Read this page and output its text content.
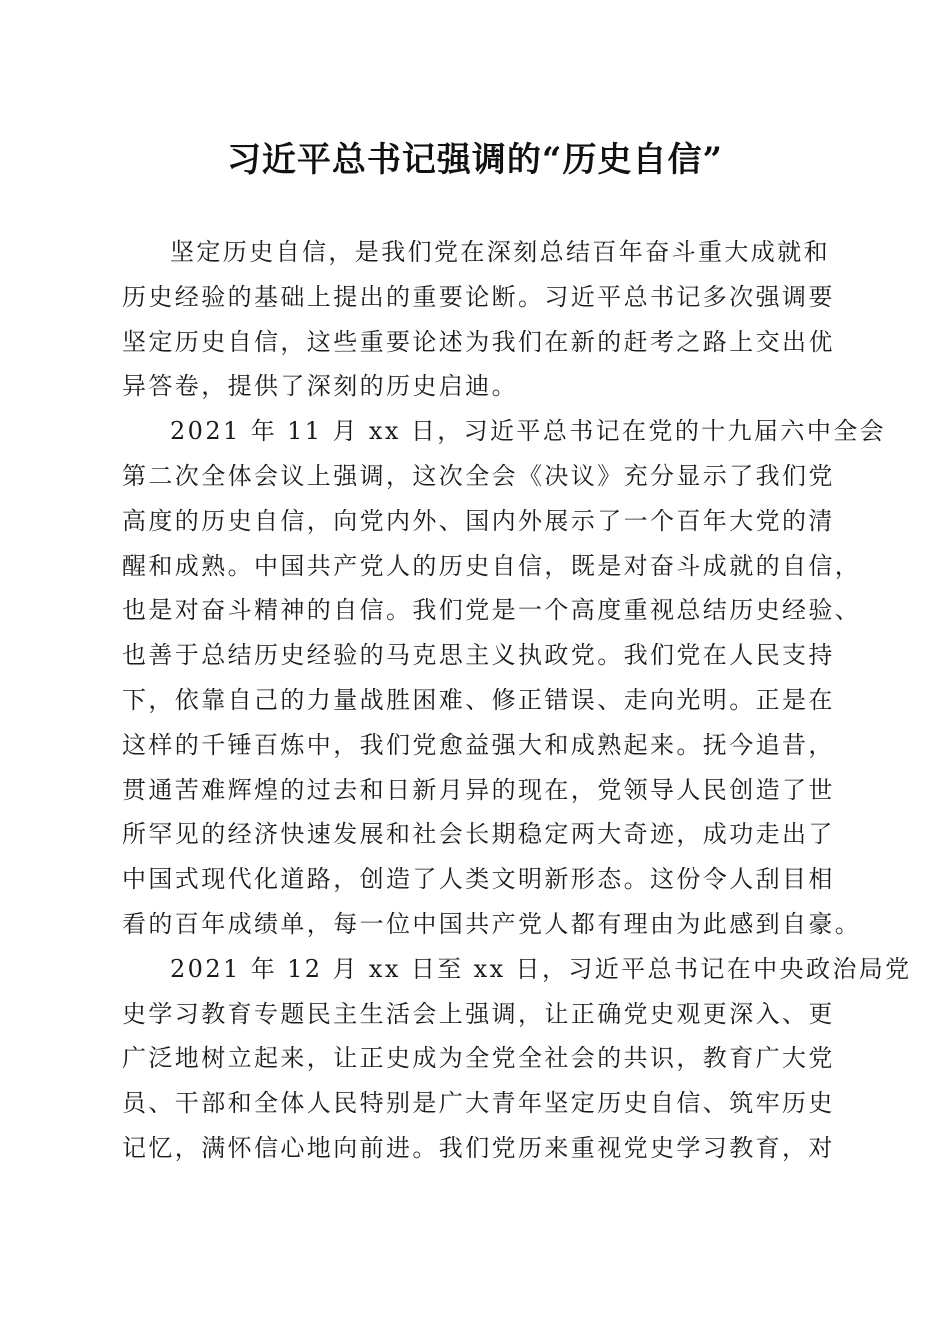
习近平总书记强调的“历史自信”
坚定历史自信，是我们党在深刻总结百年奋斗重大成就和
历史经验的基础上提出的重要论断。习近平总书记多次强调要
坚定历史自信，这些重要论述为我们在新的赶考之路上交出优
异答卷，提供了深刻的历史启迪。
2021 年 11 月 xx 日，习近平总书记在党的十九届六中全会
第二次全体会议上强调，这次全会《决议》充分显示了我们党
高度的历史自信，向党内外、国内外展示了一个百年大党的清
醒和成熟。中国共产党人的历史自信，既是对奋斗成就的自信，
也是对奋斗精神的自信。我们党是一个高度重视总结历史经验、
也善于总结历史经验的马克思主义执政党。我们党在人民支持
下，依靠自己的力量战胜困难、修正错误、走向光明。正是在
这样的千锤百炼中，我们党愈益强大和成熟起来。抚今追昔，
贯通苦难辉煌的过去和日新月异的现在，党领导人民创造了世
所罕见的经济快速发展和社会长期稳定两大奇迹，成功走出了
中国式现代化道路，创造了人类文明新形态。这份令人刮目相
看的百年成绩单，每一位中国共产党人都有理由为此感到自豪。
2021 年 12 月 xx 日至 xx 日，习近平总书记在中央政治局党
史学习教育专题民主生活会上强调，让正确党史观更深入、更
广泛地树立起来，让正史成为全党全社会的共识，教育广大党
员、干部和全体人民特别是广大青年坚定历史自信、筑牢历史
记忆，满怀信心地向前进。我们党历来重视党史学习教育，对
